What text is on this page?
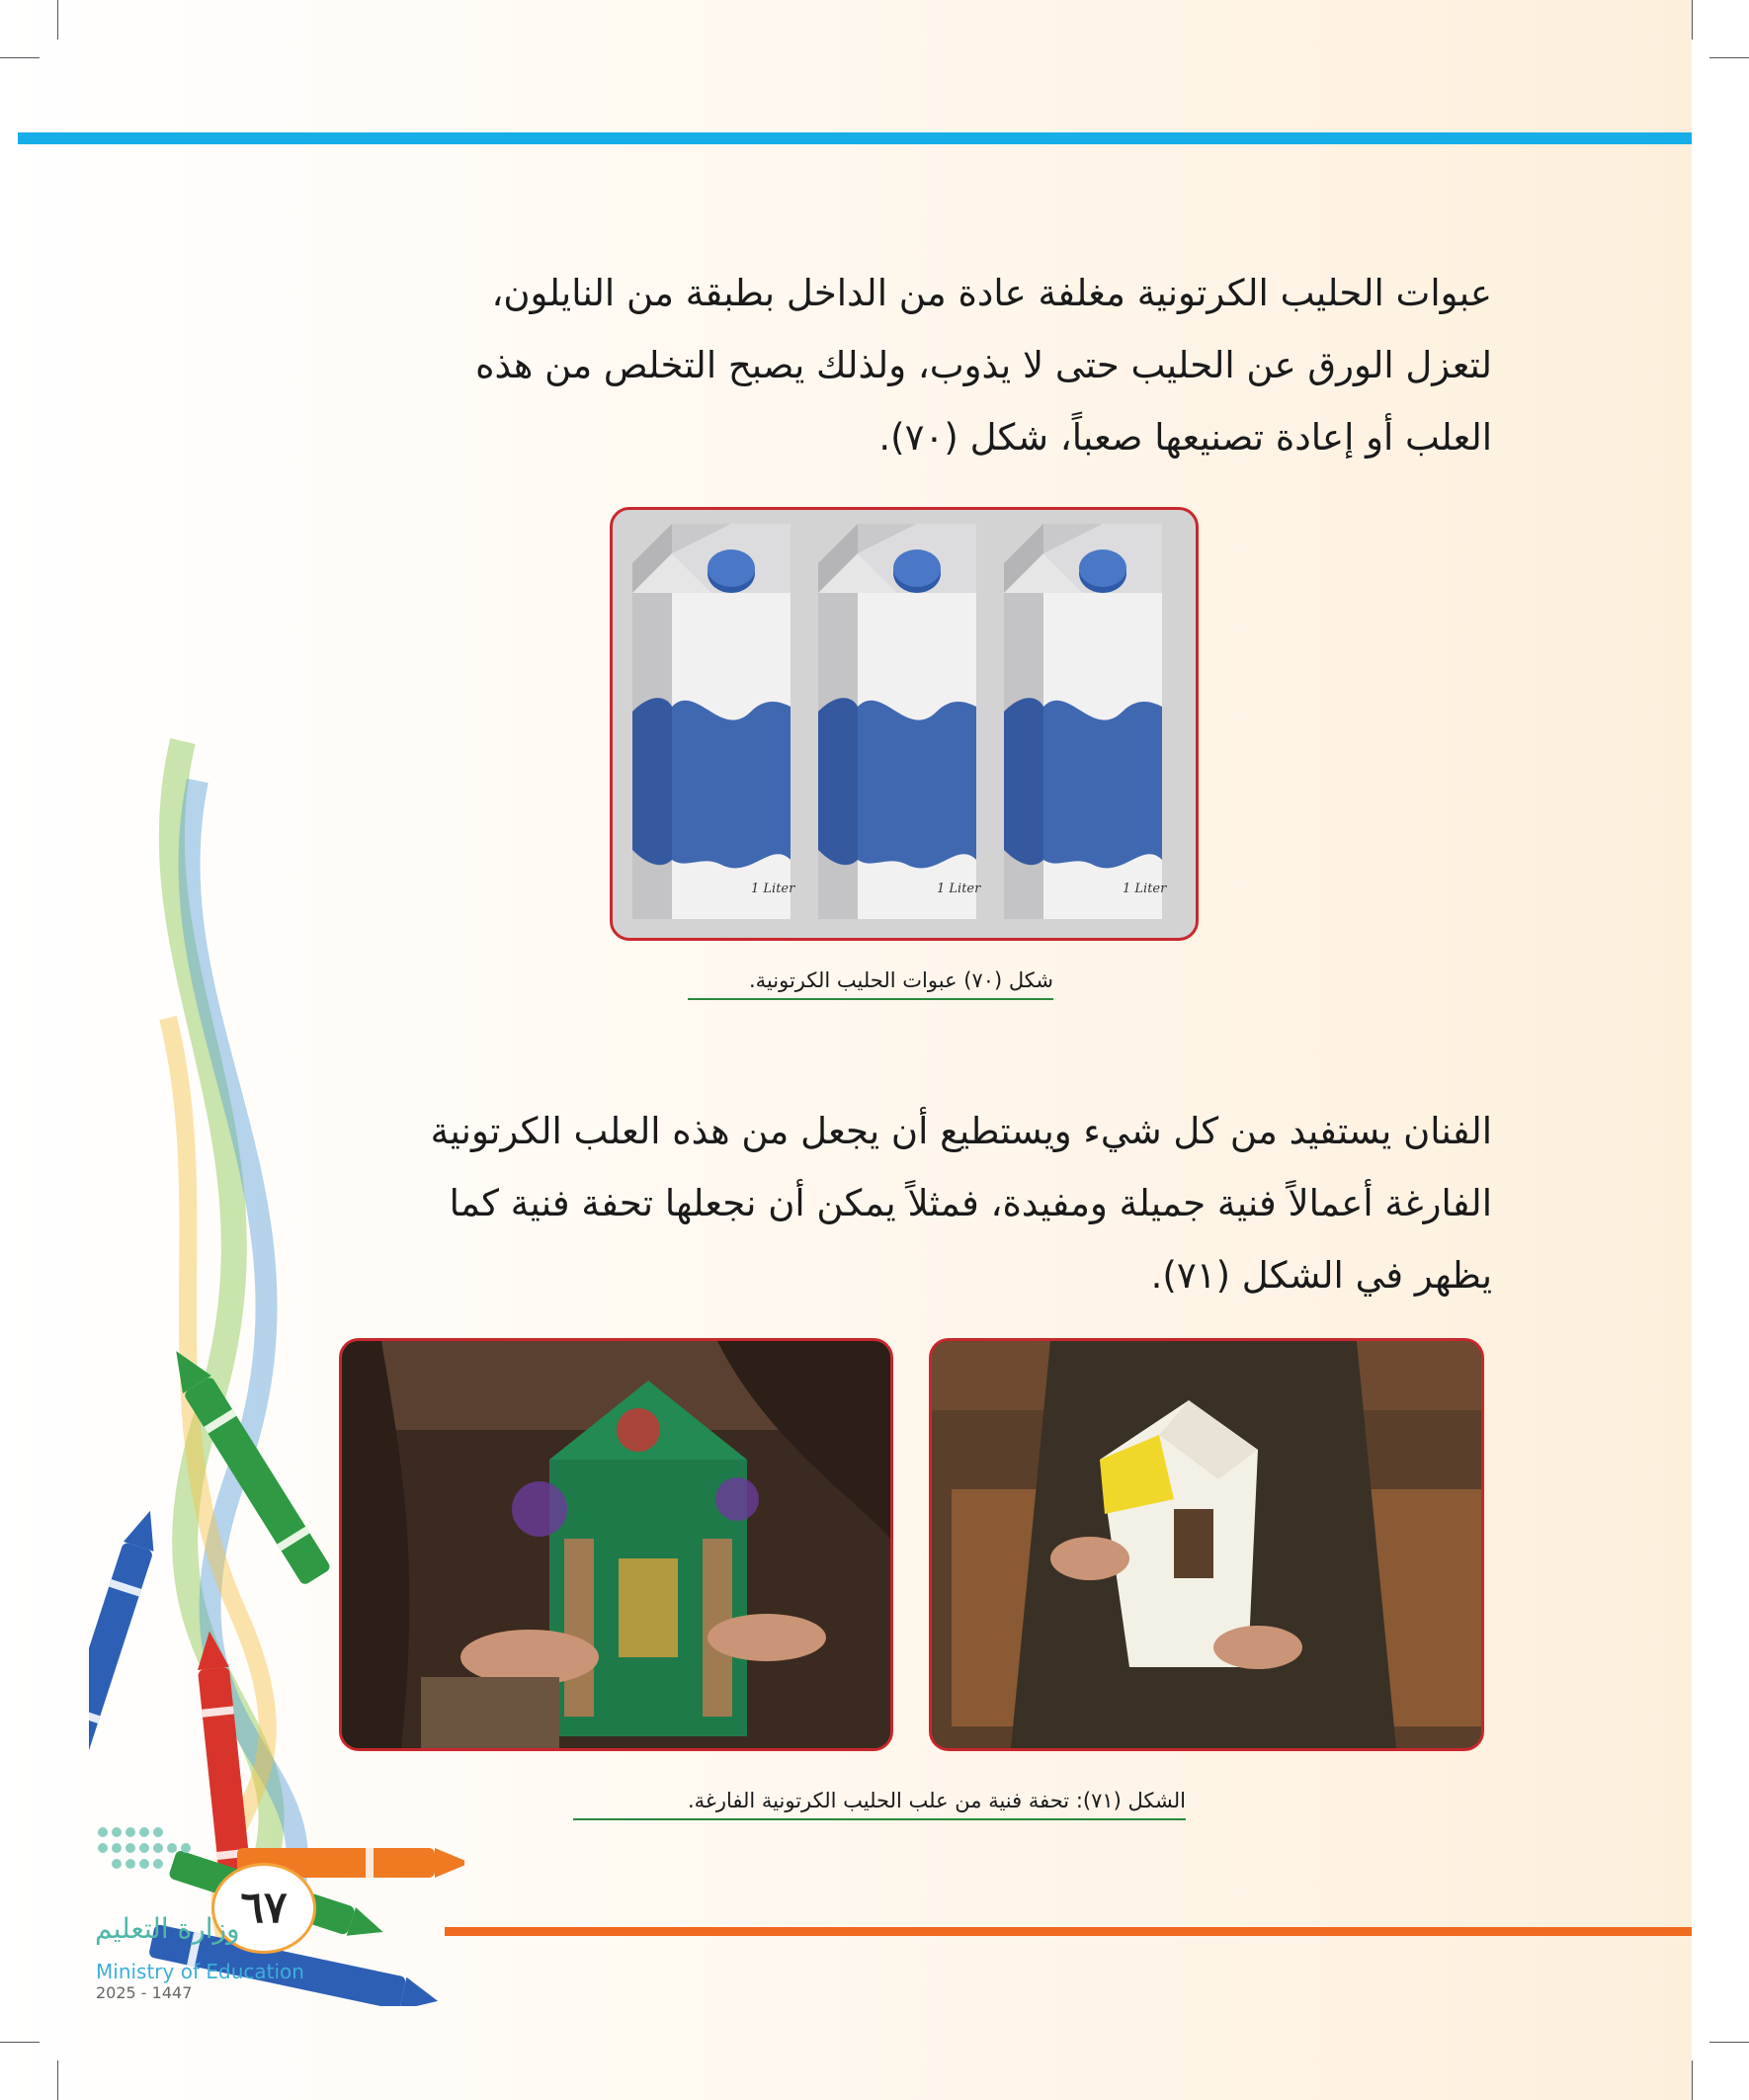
عبوات الحليب الكرتونية مغلفة عادة من الداخل بطبقة من النايلون،
لتعزل الورق عن الحليب حتى لا يذوب، ولذلك يصبح التخلص من هذه
العلب أو إعادة تصنيعها صعباً، شكل (٧٠).

1 Liter	1 Liter	1 Liter
شكل (٧٠) عبوات الحليب الكرتونية.

الفنان يستفيد من كل شيء ويستطيع أن يجعل من هذه العلب الكرتونية
الفارغة أعمالاً فنية جميلة ومفيدة، فمثلاً يمكن أن نجعلها تحفة فنية كما
يظهر في الشكل (٧١).

الشكل (٧١): تحفة فنية من علب الحليب الكرتونية الفارغة.
٦٧
وزارة التعليم
Ministry of Education
2025 - 1447
